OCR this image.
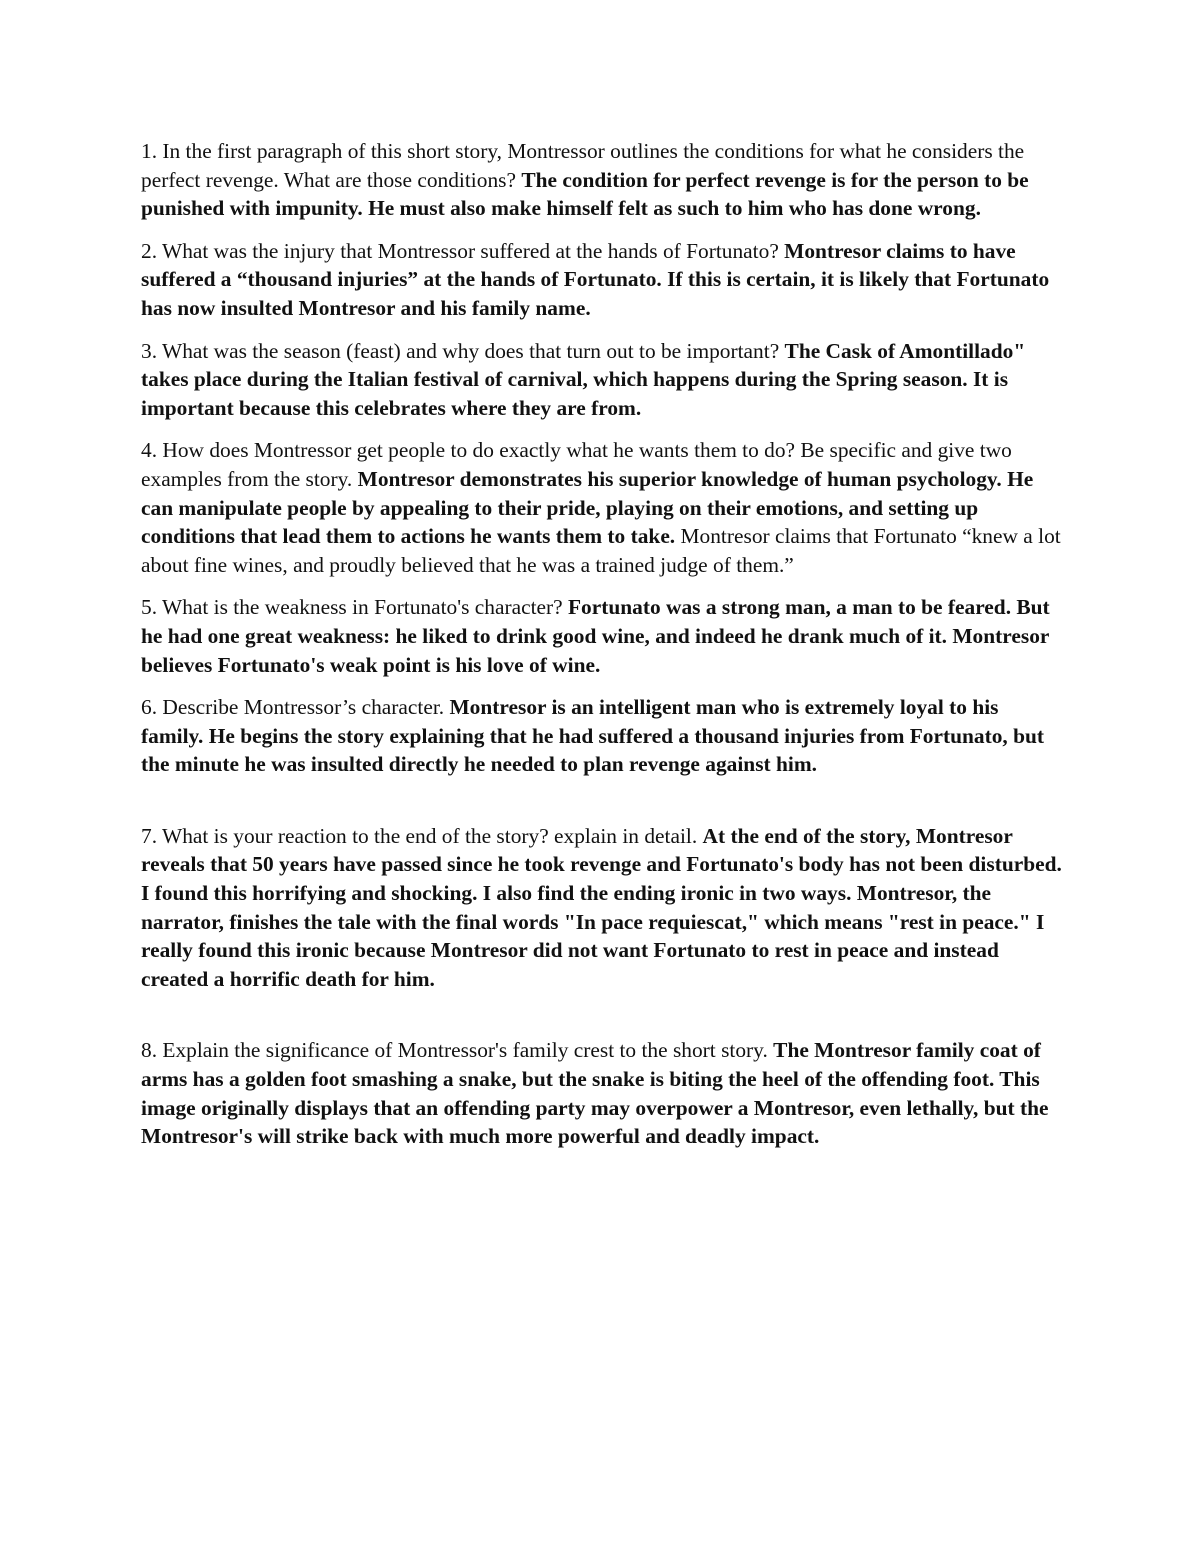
1. In the first paragraph of this short story, Montressor outlines the conditions for what he considers the perfect revenge. What are those conditions? The condition for perfect revenge is for the person to be punished with impunity. He must also make himself felt as such to him who has done wrong.

2. What was the injury that Montressor suffered at the hands of Fortunato? Montresor claims to have suffered a “thousand injuries” at the hands of Fortunato. If this is certain, it is likely that Fortunato has now insulted Montresor and his family name.

3. What was the season (feast) and why does that turn out to be important? The Cask of Amontillado" takes place during the Italian festival of carnival, which happens during the Spring season. It is important because this celebrates where they are from.

4. How does Montressor get people to do exactly what he wants them to do? Be specific and give two examples from the story. Montresor demonstrates his superior knowledge of human psychology. He can manipulate people by appealing to their pride, playing on their emotions, and setting up conditions that lead them to actions he wants them to take. Montresor claims that Fortunato “knew a lot about fine wines, and proudly believed that he was a trained judge of them.”

5. What is the weakness in Fortunato's character? Fortunato was a strong man, a man to be feared. But he had one great weakness: he liked to drink good wine, and indeed he drank much of it. Montresor believes Fortunato's weak point is his love of wine.

6. Describe Montressor’s character. Montresor is an intelligent man who is extremely loyal to his family. He begins the story explaining that he had suffered a thousand injuries from Fortunato, but the minute he was insulted directly he needed to plan revenge against him.

7. What is your reaction to the end of the story? explain in detail. At the end of the story, Montresor reveals that 50 years have passed since he took revenge and Fortunato's body has not been disturbed. I found this horrifying and shocking. I also find the ending ironic in two ways. Montresor, the narrator, finishes the tale with the final words "In pace requiescat," which means "rest in peace." I really found this ironic because Montresor did not want Fortunato to rest in peace and instead created a horrific death for him.

8. Explain the significance of Montressor's family crest to the short story. The Montresor family coat of arms has a golden foot smashing a snake, but the snake is biting the heel of the offending foot. This image originally displays that an offending party may overpower a Montresor, even lethally, but the Montresor's will strike back with much more powerful and deadly impact.
